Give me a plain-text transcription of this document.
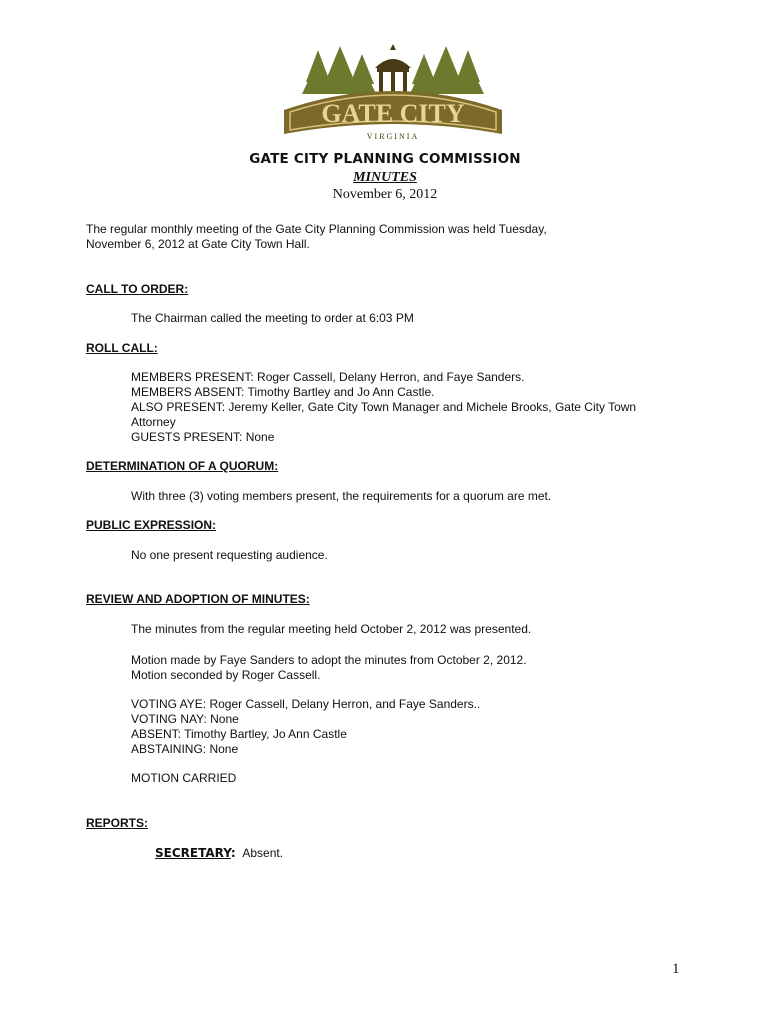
GATE CITY
VIRGINIA
GATE CITY PLANNING COMMISSION
MINUTES
November 6, 2012
The regular monthly meeting of the Gate City Planning Commission was held Tuesday,
November 6, 2012 at Gate City Town Hall.
CALL TO ORDER:
The Chairman called the meeting to order at 6:03 PM
ROLL CALL:
MEMBERS PRESENT: Roger Cassell, Delany Herron, and Faye Sanders.
MEMBERS ABSENT: Timothy Bartley and Jo Ann Castle.
ALSO PRESENT: Jeremy Keller, Gate City Town Manager and Michele Brooks, Gate City Town
Attorney
GUESTS PRESENT: None
DETERMINATION OF A QUORUM:
With three (3) voting members present, the requirements for a quorum are met.
PUBLIC EXPRESSION:
No one present requesting audience.
REVIEW AND ADOPTION OF MINUTES:
The minutes from the regular meeting held October 2, 2012 was presented.
Motion made by Faye Sanders to adopt the minutes from October 2, 2012.
Motion seconded by Roger Cassell.
VOTING AYE: Roger Cassell, Delany Herron, and Faye Sanders..
VOTING NAY: None
ABSENT: Timothy Bartley, Jo Ann Castle
ABSTAINING: None
MOTION CARRIED
REPORTS:
SECRETARY: Absent.
1
